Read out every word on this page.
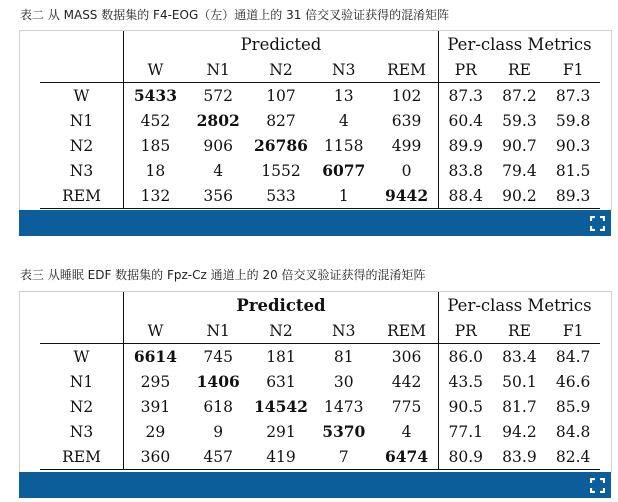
表二 从 MASS 数据集的 F4-EOG（左）通道上的 31 倍交叉验证获得的混淆矩阵
	Predicted					Per-class Metrics		
	W	N1	N2	N3	REM	PR	RE	F1
W	5433	572	107	13	102	87.3	87.2	87.3
N1	452	2802	827	4	639	60.4	59.3	59.8
N2	185	906	26786	1158	499	89.9	90.7	90.3
N3	18	4	1552	6077	0	83.8	79.4	81.5
REM	132	356	533	1	9442	88.4	90.2	89.3
表三 从睡眠 EDF 数据集的 Fpz-Cz 通道上的 20 倍交叉验证获得的混淆矩阵
	Predicted					Per-class Metrics		
	W	N1	N2	N3	REM	PR	RE	F1
W	6614	745	181	81	306	86.0	83.4	84.7
N1	295	1406	631	30	442	43.5	50.1	46.6
N2	391	618	14542	1473	775	90.5	81.7	85.9
N3	29	9	291	5370	4	77.1	94.2	84.8
REM	360	457	419	7	6474	80.9	83.9	82.4
